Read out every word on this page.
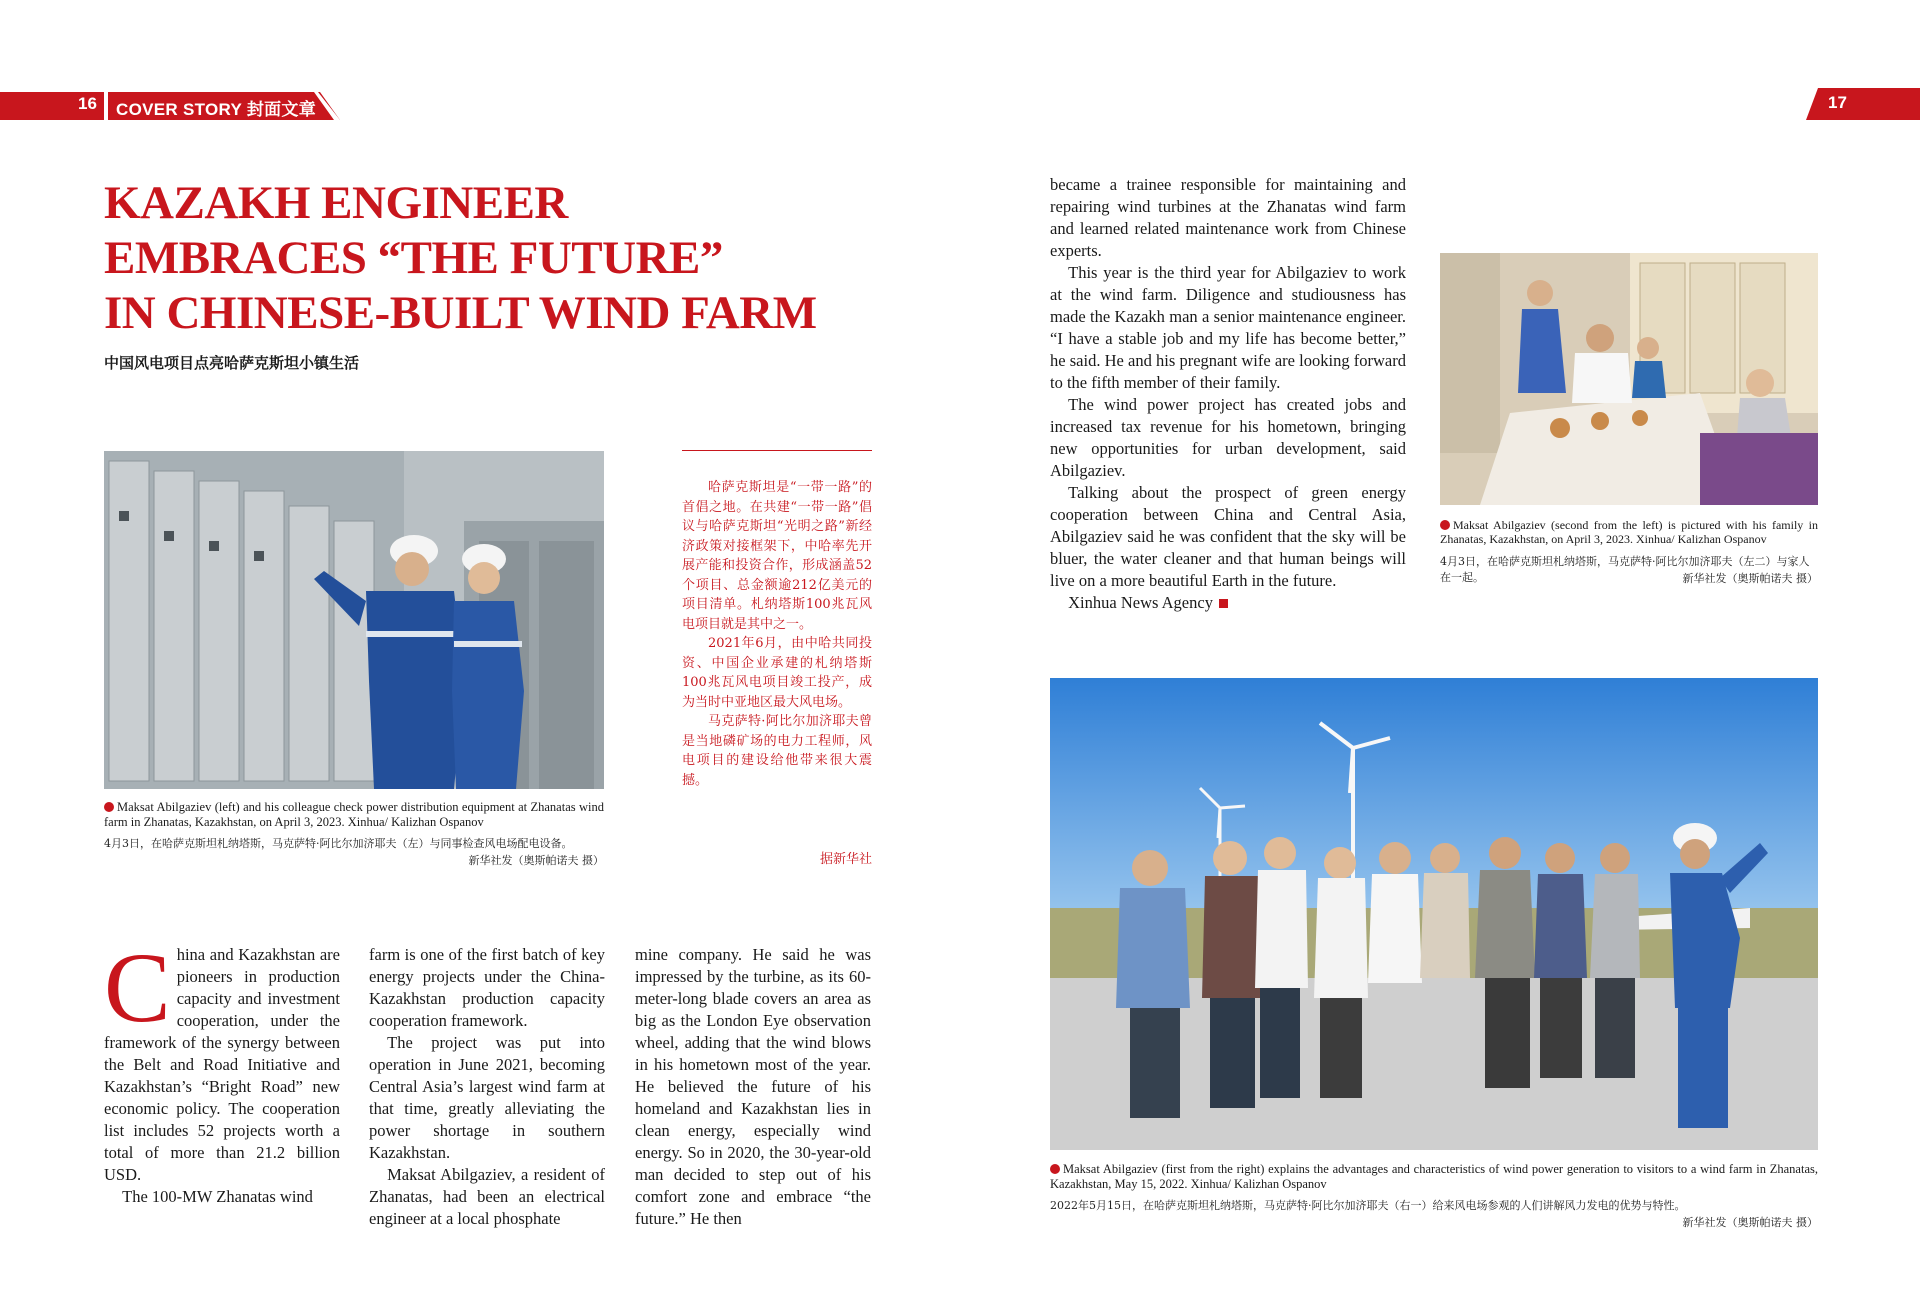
16 COVER STORY 封面文章	17
KAZAKH ENGINEER
EMBRACES “THE FUTURE”
IN CHINESE-BUILT WIND FARM
中国风电项目点亮哈萨克斯坦小镇生活
Maksat Abilgaziev (left) and his colleague check power distribution equipment at Zhanatas wind farm in Zhanatas, Kazakhstan, on April 3, 2023. Xinhua/ Kalizhan Ospanov
4月3日，在哈萨克斯坦札纳塔斯，马克萨特·阿比尔加济耶夫（左）与同事检查风电场配电设备。
新华社发（奥斯帕诺夫 摄）

哈萨克斯坦是“一带一路”的首倡之地。在共建“一带一路”倡议与哈萨克斯坦“光明之路”新经济政策对接框架下，中哈率先开展产能和投资合作，形成涵盖52个项目、总金额逾212亿美元的项目清单。札纳塔斯100兆瓦风电项目就是其中之一。

2021年6月，由中哈共同投资、中国企业承建的札纳塔斯100兆瓦风电项目竣工投产，成为当时中亚地区最大风电场。

马克萨特·阿比尔加济耶夫曾是当地磷矿场的电力工程师，风电项目的建设给他带来很大震撼。

据新华社

China and Kazakhstan are pioneers in production capacity and investment cooperation, under the framework of the synergy between the Belt and Road Initiative and Kazakhstan’s “Bright Road” new economic policy. The cooperation list includes 52 projects worth a total of more than 21.2 billion USD.

The 100-MW Zhanatas wind

farm is one of the first batch of key energy projects under the China-Kazakhstan production capacity cooperation framework.

The project was put into operation in June 2021, becoming Central Asia’s largest wind farm at that time, greatly alleviating the power shortage in southern Kazakhstan.

Maksat Abilgaziev, a resident of Zhanatas, had been an electrical engineer at a local phosphate

mine company. He said he was impressed by the turbine, as its 60-meter-long blade covers an area as big as the London Eye observation wheel, adding that the wind blows in his hometown most of the year. He believed the future of his homeland and Kazakhstan lies in clean energy, especially wind energy. So in 2020, the 30-year-old man decided to step out of his comfort zone and embrace “the future.” He then

became a trainee responsible for maintaining and repairing wind turbines at the Zhanatas wind farm and learned related maintenance work from Chinese experts.

This year is the third year for Abilgaziev to work at the wind farm. Diligence and studiousness has made the Kazakh man a senior maintenance engineer. “I have a stable job and my life has become better,” he said. He and his pregnant wife are looking forward to the fifth member of their family.

The wind power project has created jobs and increased tax revenue for his hometown, bringing new opportunities for urban development, said Abilgaziev.

Talking about the prospect of green energy cooperation between China and Central Asia, Abilgaziev said he was confident that the sky will be bluer, the water cleaner and that human beings will live on a more beautiful Earth in the future.

Xinhua News Agency

Maksat Abilgaziev (second from the left) is pictured with his family in Zhanatas, Kazakhstan, on April 3, 2023. Xinhua/ Kalizhan Ospanov
4月3日，在哈萨克斯坦札纳塔斯，马克萨特·阿比尔加济耶夫（左二）与家人在一起。	新华社发（奥斯帕诺夫 摄）
Maksat Abilgaziev (first from the right) explains the advantages and characteristics of wind power generation to visitors to a wind farm in Zhanatas, Kazakhstan, May 15, 2022. Xinhua/ Kalizhan Ospanov
2022年5月15日，在哈萨克斯坦札纳塔斯，马克萨特·阿比尔加济耶夫（右一）给来风电场参观的人们讲解风力发电的优势与特性。
新华社发（奥斯帕诺夫 摄）
